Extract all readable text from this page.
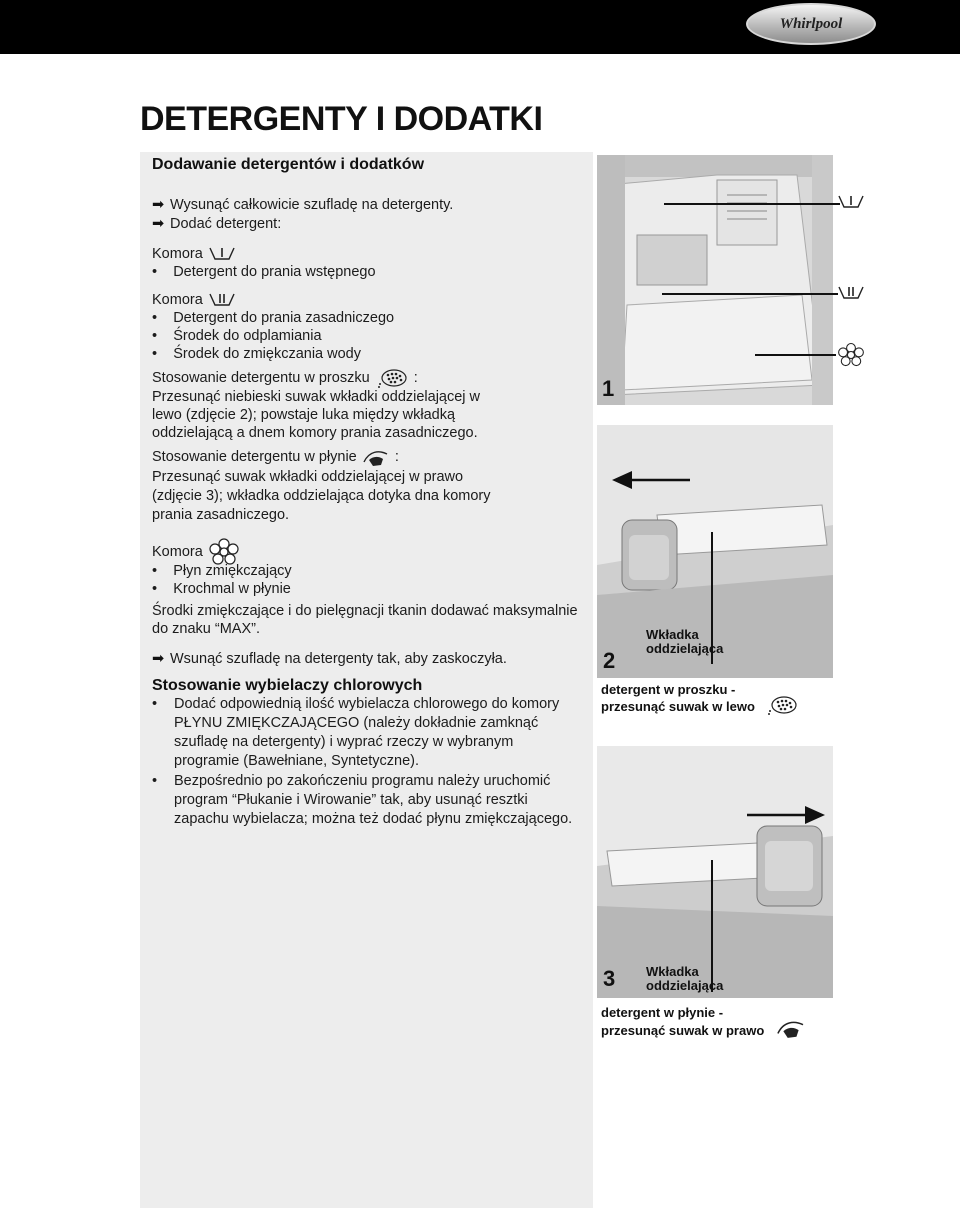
Whirlpool
DETERGENTY I DODATKI
Dodawanie detergentów i dodatków
➡ Wysunąć całkowicie szufladę na detergenty.
➡ Dodać detergent:
Komora
•    Detergent do prania wstępnego
Komora
•    Detergent do prania zasadniczego
•    Środek do odplamiania
•    Środek do zmiękczania wody
Stosowanie detergentu w proszku	:
Przesunąć niebieski suwak wkładki oddzielającej w
lewo (zdjęcie 2); powstaje luka między wkładką
oddzielającą a dnem komory prania zasadniczego.
Stosowanie detergentu w płynie	:
Przesunąć suwak wkładki oddzielającej w prawo
(zdjęcie 3); wkładka oddzielająca dotyka dna komory
prania zasadniczego.
Komora
•    Płyn zmiękczający
•    Krochmal w płynie
Środki zmiękczające i do pielęgnacji tkanin dodawać maksymalnie
do znaku “MAX”.
➡ Wsunąć szufladę na detergenty tak, aby zaskoczyła.
Stosowanie wybielaczy chlorowych
• Dodać odpowiednią ilość wybielacza chlorowego do komory
PŁYNU ZMIĘKCZAJĄCEGO (należy dokładnie zamknąć
szufladę na detergenty) i wyprać rzeczy w wybranym
programie (Bawełniane, Syntetyczne).
• Bezpośrednio po zakończeniu programu należy uruchomić
program “Płukanie i Wirowanie” tak, aby usunąć resztki
zapachu wybielacza; można też dodać płynu zmiękczającego.
1
2
Wkładka
oddzielająca
detergent w proszku -
przesunąć suwak w lewo
3 Wkładka
oddzielająca
detergent w płynie -
przesunąć suwak w prawo
